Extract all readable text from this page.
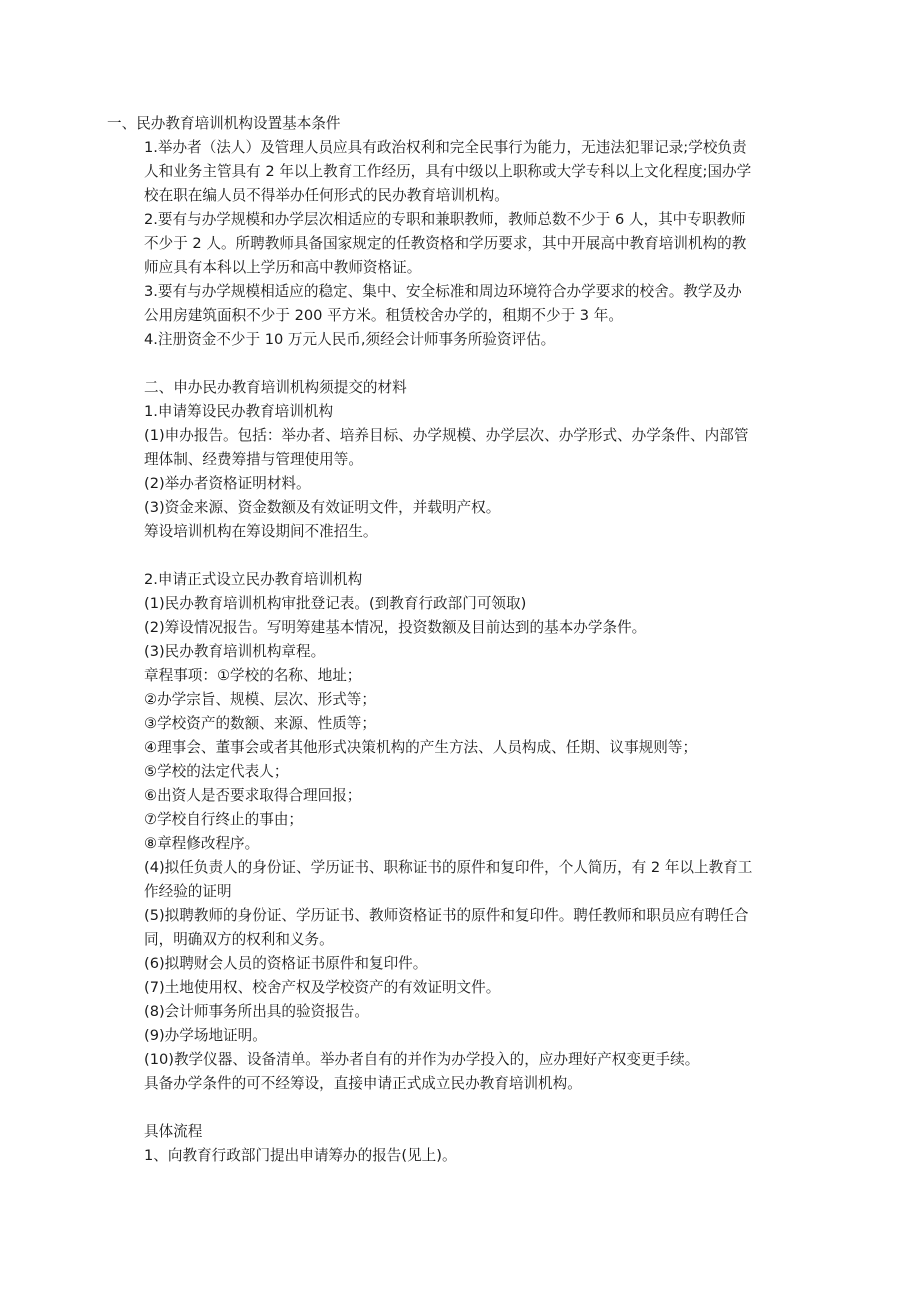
一、民办教育培训机构设置基本条件

1.举办者（法人）及管理人员应具有政治权利和完全民事行为能力，无违法犯罪记录;学校负责

人和业务主管具有 2 年以上教育工作经历，具有中级以上职称或大学专科以上文化程度;国办学

校在职在编人员不得举办任何形式的民办教育培训机构。

2.要有与办学规模和办学层次相适应的专职和兼职教师，教师总数不少于 6 人，其中专职教师

不少于 2 人。所聘教师具备国家规定的任教资格和学历要求，其中开展高中教育培训机构的教

师应具有本科以上学历和高中教师资格证。

3.要有与办学规模相适应的稳定、集中、安全标准和周边环境符合办学要求的校舍。教学及办

公用房建筑面积不少于 200 平方米。租赁校舍办学的，租期不少于 3 年。

4.注册资金不少于 10 万元人民币,须经会计师事务所验资评估。

二、申办民办教育培训机构须提交的材料

1.申请筹设民办教育培训机构

(1)申办报告。包括：举办者、培养目标、办学规模、办学层次、办学形式、办学条件、内部管

理体制、经费筹措与管理使用等。

(2)举办者资格证明材料。

(3)资金来源、资金数额及有效证明文件，并载明产权。

筹设培训机构在筹设期间不准招生。

2.申请正式设立民办教育培训机构

(1)民办教育培训机构审批登记表。(到教育行政部门可领取)

(2)筹设情况报告。写明筹建基本情况，投资数额及目前达到的基本办学条件。

(3)民办教育培训机构章程。

章程事项：①学校的名称、地址；

②办学宗旨、规模、层次、形式等；

③学校资产的数额、来源、性质等；

④理事会、董事会或者其他形式决策机构的产生方法、人员构成、任期、议事规则等；

⑤学校的法定代表人；

⑥出资人是否要求取得合理回报；

⑦学校自行终止的事由；

⑧章程修改程序。

(4)拟任负责人的身份证、学历证书、职称证书的原件和复印件，个人简历，有 2 年以上教育工

作经验的证明

(5)拟聘教师的身份证、学历证书、教师资格证书的原件和复印件。聘任教师和职员应有聘任合

同，明确双方的权利和义务。

(6)拟聘财会人员的资格证书原件和复印件。

(7)土地使用权、校舍产权及学校资产的有效证明文件。

(8)会计师事务所出具的验资报告。

(9)办学场地证明。

(10)教学仪器、设备清单。举办者自有的并作为办学投入的，应办理好产权变更手续。

具备办学条件的可不经筹设，直接申请正式成立民办教育培训机构。

具体流程

1、向教育行政部门提出申请筹办的报告(见上)。
